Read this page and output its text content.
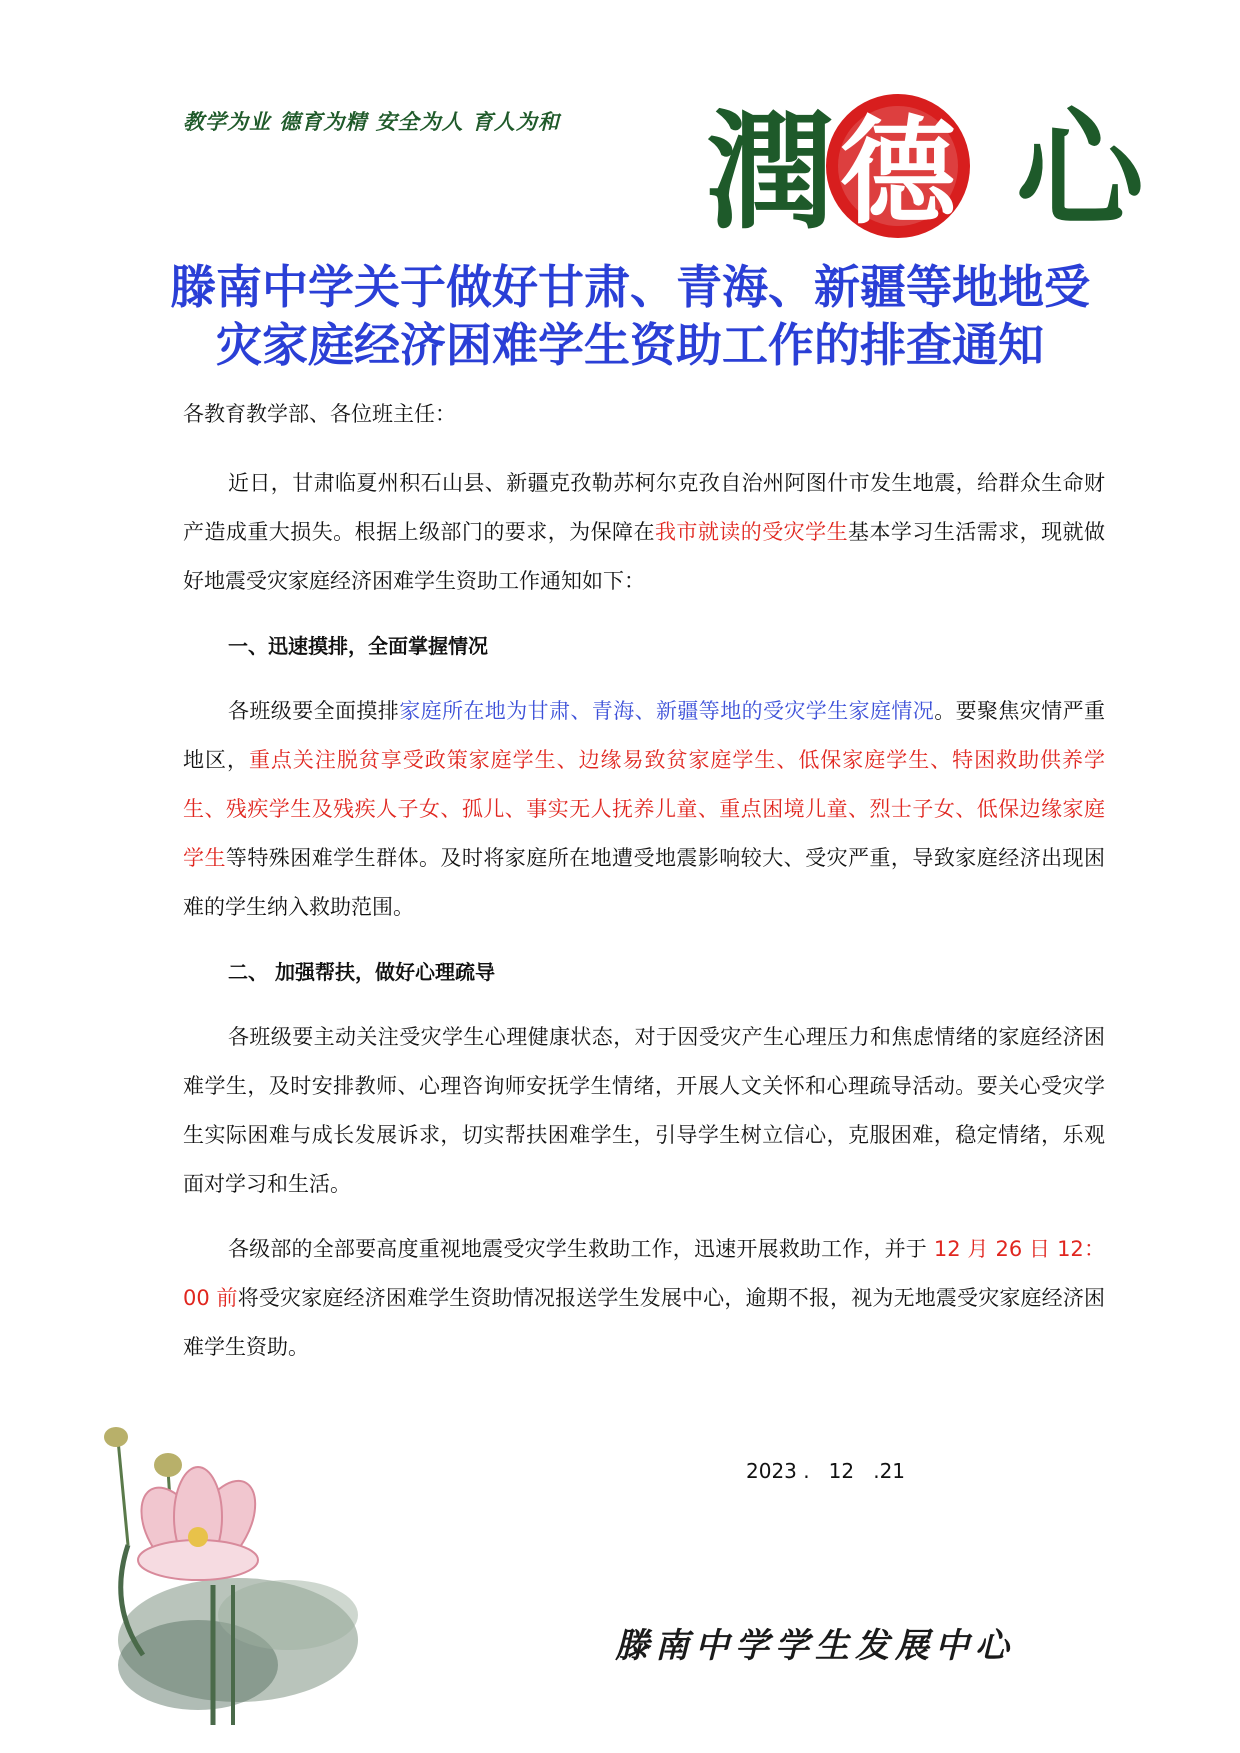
教学为业 德育为精 安全为人 育人为和 潤 德 心
滕南中学关于做好甘肃、青海、新疆等地地受
灾家庭经济困难学生资助工作的排查通知

各教育教学部、各位班主任：

近日，甘肃临夏州积石山县、新疆克孜勒苏柯尔克孜自治州阿图什市发生地震，给群众生命财产造成重大损失。根据上级部门的要求，为保障在我市就读的受灾学生基本学习生活需求，现就做好地震受灾家庭经济困难学生资助工作通知如下：

一、迅速摸排，全面掌握情况

各班级要全面摸排家庭所在地为甘肃、青海、新疆等地的受灾学生家庭情况。要聚焦灾情严重地区，重点关注脱贫享受政策家庭学生、边缘易致贫家庭学生、低保家庭学生、特困救助供养学生、残疾学生及残疾人子女、孤儿、事实无人抚养儿童、重点困境儿童、烈士子女、低保边缘家庭学生等特殊困难学生群体。及时将家庭所在地遭受地震影响较大、受灾严重，导致家庭经济出现困难的学生纳入救助范围。

二、 加强帮扶，做好心理疏导

各班级要主动关注受灾学生心理健康状态，对于因受灾产生心理压力和焦虑情绪的家庭经济困难学生，及时安排教师、心理咨询师安抚学生情绪，开展人文关怀和心理疏导活动。要关心受灾学生实际困难与成长发展诉求，切实帮扶困难学生，引导学生树立信心，克服困难，稳定情绪，乐观面对学习和生活。

各级部的全部要高度重视地震受灾学生救助工作，迅速开展救助工作，并于 12 月 26 日 12：00 前将受灾家庭经济困难学生资助情况报送学生发展中心，逾期不报，视为无地震受灾家庭经济困难学生资助。

2023 .   12   .21
滕南中学学生发展中心
